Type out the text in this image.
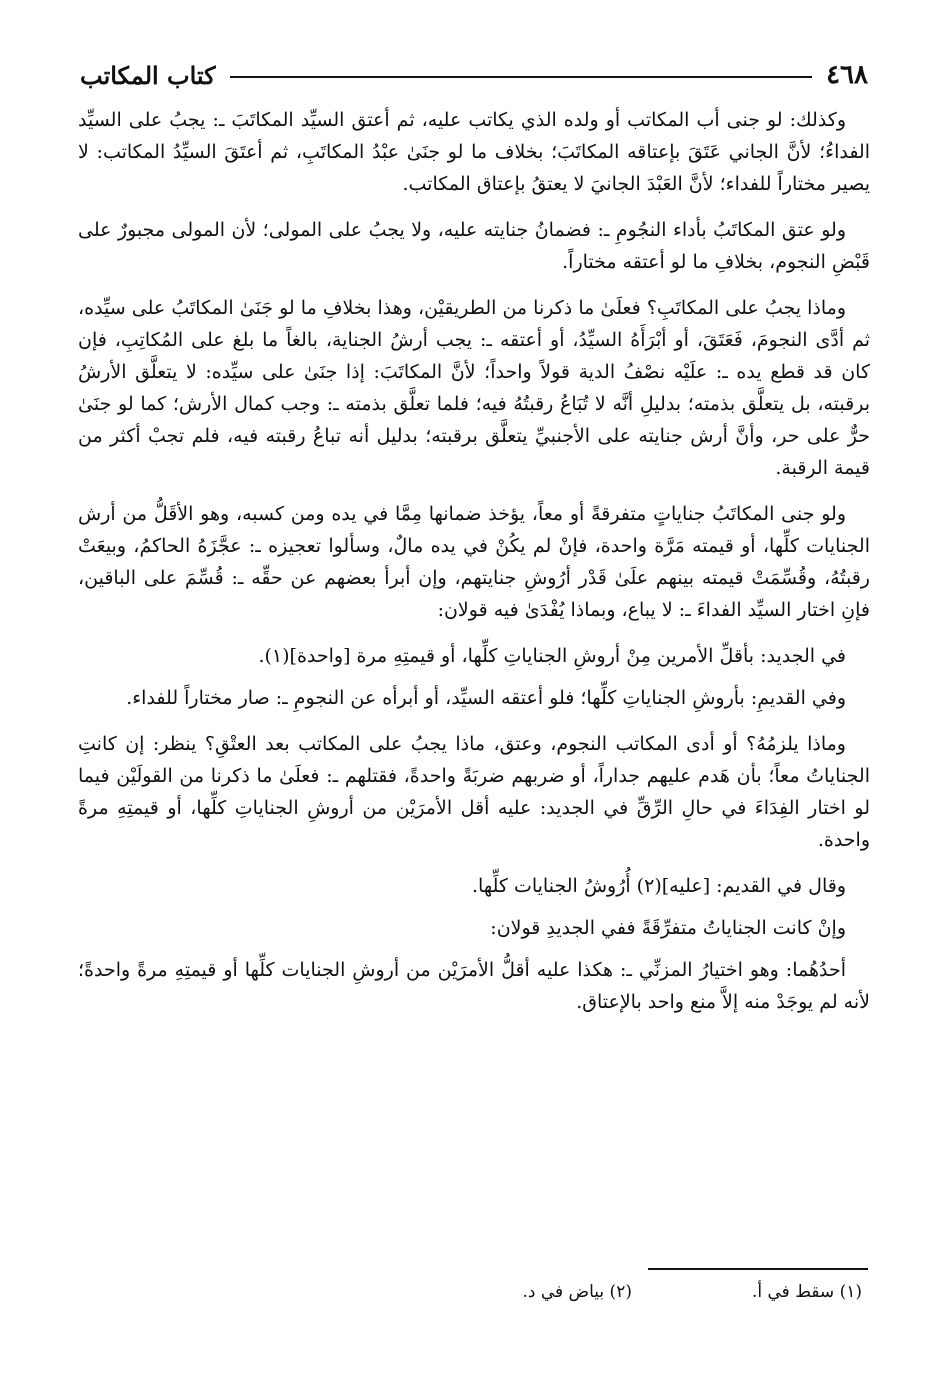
٤٦٨
كتاب المكاتب

وكذلك: لو جنى أب المكاتب أو ولده الذي يكاتب عليه، ثم أعتق السيِّد المكاتَبَ ـ: يجبُ على السيِّد الفداءُ؛ لأنَّ الجاني عَتَقَ بإعتاقه المكاتَبَ؛ بخلاف ما لو جنَىٰ عبْدُ المكاتَبِ، ثم أعتَقَ السيِّدُ المكاتب: لا يصير مختاراً للفداء؛ لأنَّ العَبْدَ الجانيَ لا يعتقُ بإعتاق المكاتب.

ولو عتق المكاتَبُ بأداء النجُومِ ـ: فضمانُ جنايته عليه، ولا يجبُ على المولى؛ لأن المولى مجبورٌ على قَبْضِ النجوم، بخلافِ ما لو أعتقه مختاراً.

وماذا يجبُ على المكاتَبِ؟ فعلَىٰ ما ذكرنا من الطريقيْن، وهذا بخلافِ ما لو جَنَىٰ المكاتَبُ على سيِّده، ثم أدَّى النجومَ، فَعَتَقَ، أو أبْرَأَهُ السيِّدُ، أو أعتقه ـ: يجب أرشُ الجناية، بالغاً ما بلغ على المُكاتِبِ، فإن كان قد قطع يده ـ: علَيْه نصْفُ الدية قولاً واحداً؛ لأنَّ المكاتَبَ: إذا جنَىٰ على سيِّده: لا يتعلَّق الأرشُ برقبته، بل يتعلَّق بذمته؛ بدليلِ أنَّه لا تُبَاعُ رقبتُهُ فيه؛ فلما تعلَّق بذمته ـ: وجب كمال الأرش؛ كما لو جنَىٰ حرٌّ على حر، وأنَّ أرش جنايته على الأجنبيِّ يتعلَّق برقبته؛ بدليل أنه تباعُ رقبته فيه، فلم تجبْ أكثر من قيمة الرقبة.

ولو جنى المكاتَبُ جناياتٍ متفرقةً أو معاً، يؤخذ ضمانها مِمَّا في يده ومن كسبه، وهو الأقَلُّ من أرش الجنايات كلِّها، أو قيمته مَرَّة واحدة، فإنْ لم يكُنْ في يده مالٌ، وسألوا تعجيزه ـ: عجَّزَهُ الحاكمُ، وبيعَتْ رقبتُهُ، وقُسِّمَتْ قيمته بينهم علَىٰ قَدْر أرُوشِ جنايتهم، وإن أبرأ بعضهم عن حقِّه ـ: قُسِّمَ على الباقين، فإنِ اختار السيِّد الفداءَ ـ: لا يباع، وبماذا يُفْدَىٰ فيه قولان:

في الجديد: بأقلِّ الأمرين مِنْ أروشِ الجناياتِ كلِّها، أو قيمتِهِ مرة [واحدة](١).

وفي القديمِ: بأروشِ الجناياتِ كلِّها؛ فلو أعتقه السيِّد، أو أبرأه عن النجومِ ـ: صار مختاراً للفداء.

وماذا يلزمُهُ؟ أو أدى المكاتب النجوم، وعتق، ماذا يجبُ على المكاتب بعد العتْقِ؟ ينظر: إن كانتِ الجناياتُ معاً؛ بأن هَدم عليهم جداراً، أو ضربهم ضربَةً واحدةً، فقتلهم ـ: فعلَىٰ ما ذكرنا من القولَيْن فيما لو اختار الفِدَاءَ في حالِ الرِّقِّ في الجديد: عليه أقل الأمرَيْن من أروشِ الجناياتِ كلِّها، أو قيمتِهِ مرةً واحدة.

وقال في القديم: [عليه](٢) أُرُوشُ الجنايات كلِّها.

وإنْ كانت الجناياتُ متفرِّقَةً ففي الجديدِ قولان:

أحدُهُما: وهو اختيارُ المزنِّي ـ: هكذا عليه أقلُّ الأمرَيْن من أروشِ الجنايات كلِّها أو قيمتِهِ مرةً واحدةً؛ لأنه لم يوجَدْ منه إلاَّ منع واحد بالإعتاق.

(١) سقط في أ.
(٢) بياض في د.
